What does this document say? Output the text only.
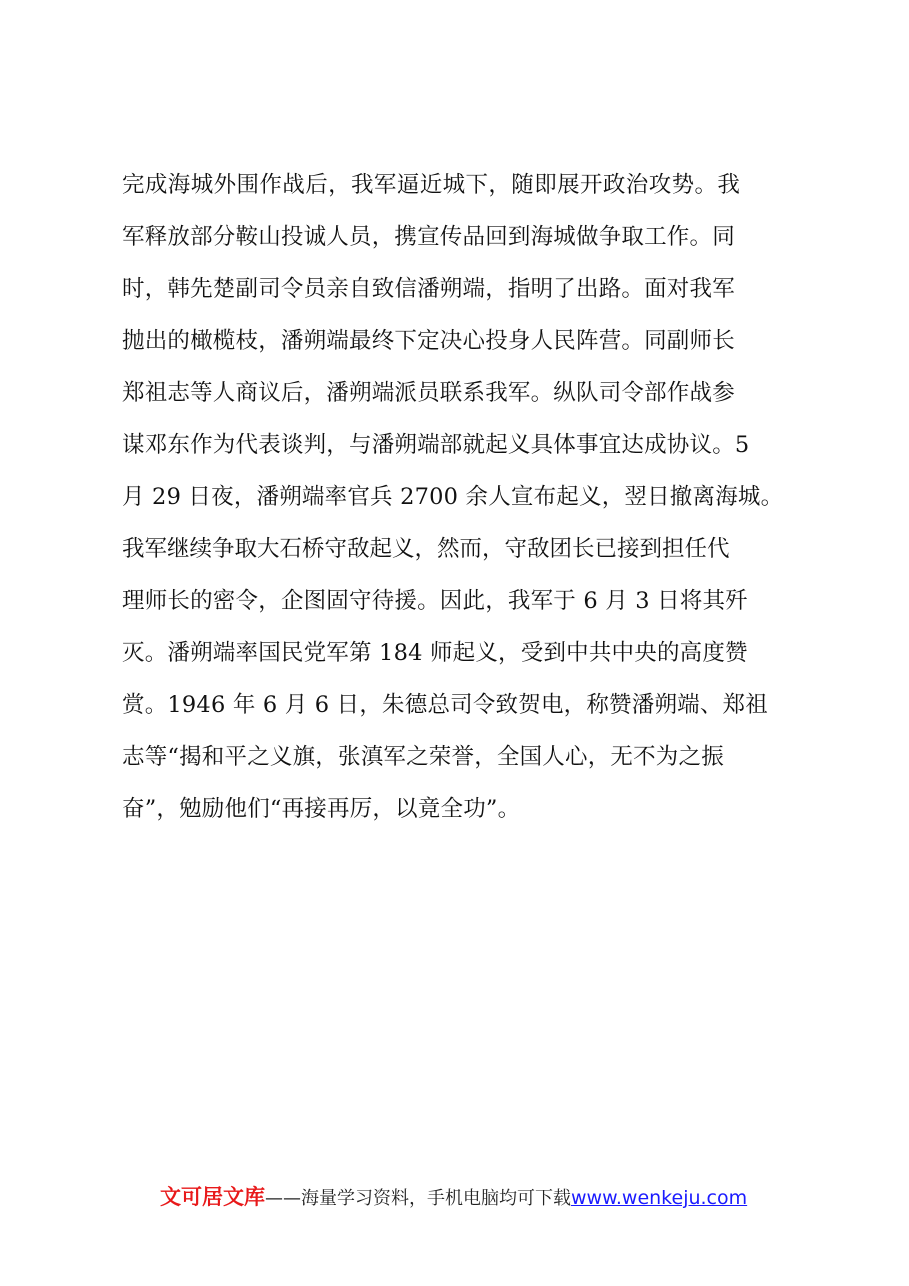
完成海城外围作战后，我军逼近城下，随即展开政治攻势。我
军释放部分鞍山投诚人员，携宣传品回到海城做争取工作。同
时，韩先楚副司令员亲自致信潘朔端，指明了出路。面对我军
抛出的橄榄枝，潘朔端最终下定决心投身人民阵营。同副师长
郑祖志等人商议后，潘朔端派员联系我军。纵队司令部作战参
谋邓东作为代表谈判，与潘朔端部就起义具体事宜达成协议。5
月 29 日夜，潘朔端率官兵 2700 余人宣布起义，翌日撤离海城。
我军继续争取大石桥守敌起义，然而，守敌团长已接到担任代
理师长的密令，企图固守待援。因此，我军于 6 月 3 日将其歼
灭。潘朔端率国民党军第 184 师起义，受到中共中央的高度赞
赏。1946 年 6 月 6 日，朱德总司令致贺电，称赞潘朔端、郑祖
志等“揭和平之义旗，张滇军之荣誉，全国人心，无不为之振
奋”，勉励他们“再接再厉，以竟全功”。
文可居文库——海量学习资料，手机电脑均可下载www.wenkeju.com
